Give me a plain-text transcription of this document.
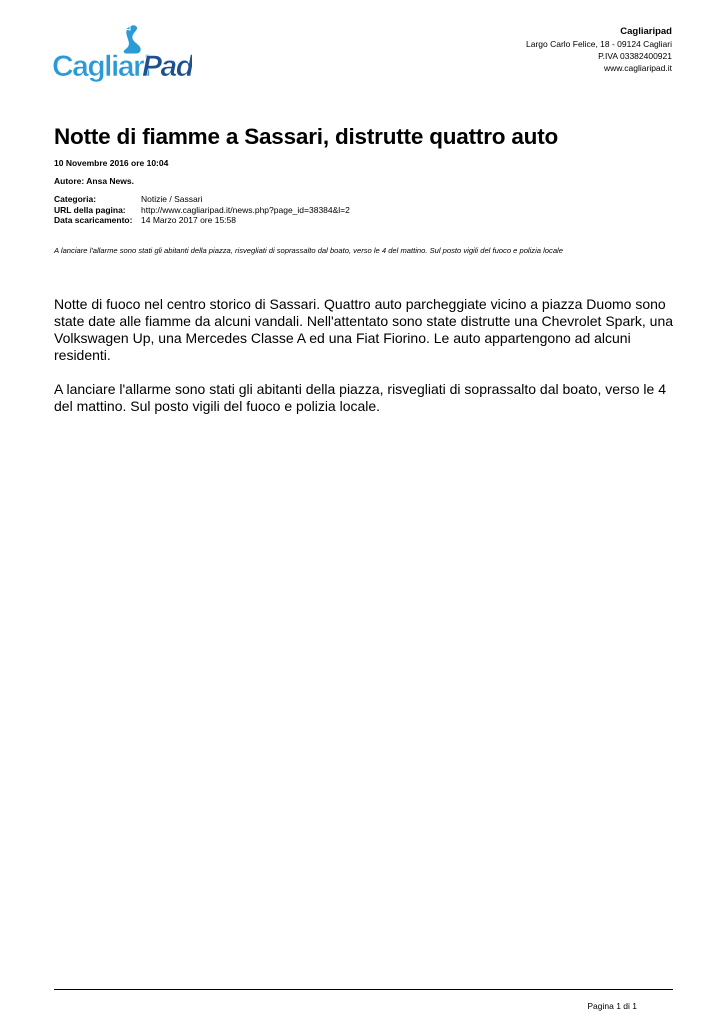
Cagliari
Pad
Cagliaripad
Largo Carlo Felice, 18 - 09124 Cagliari
P.IVA 03382400921
www.cagliaripad.it
Notte di fiamme a Sassari, distrutte quattro auto
10 Novembre 2016 ore 10:04
Autore: Ansa News.
Categoria:	Notizie / Sassari
URL della pagina:	http://www.cagliaripad.it/news.php?page_id=38384&l=2
Data scaricamento:	14 Marzo 2017 ore 15:58
A lanciare l'allarme sono stati gli abitanti della piazza, risvegliati di soprassalto dal boato, verso le 4 del mattino. Sul posto vigili del fuoco e polizia locale

Notte di fuoco nel centro storico di Sassari. Quattro auto parcheggiate vicino a piazza Duomo sono state date alle fiamme da alcuni vandali. Nell'attentato sono state distrutte una Chevrolet Spark, una Volkswagen Up, una Mercedes Classe A ed una Fiat Fiorino. Le auto appartengono ad alcuni residenti.

A lanciare l'allarme sono stati gli abitanti della piazza, risvegliati di soprassalto dal boato, verso le 4 del mattino. Sul posto vigili del fuoco e polizia locale.

Pagina 1 di 1
